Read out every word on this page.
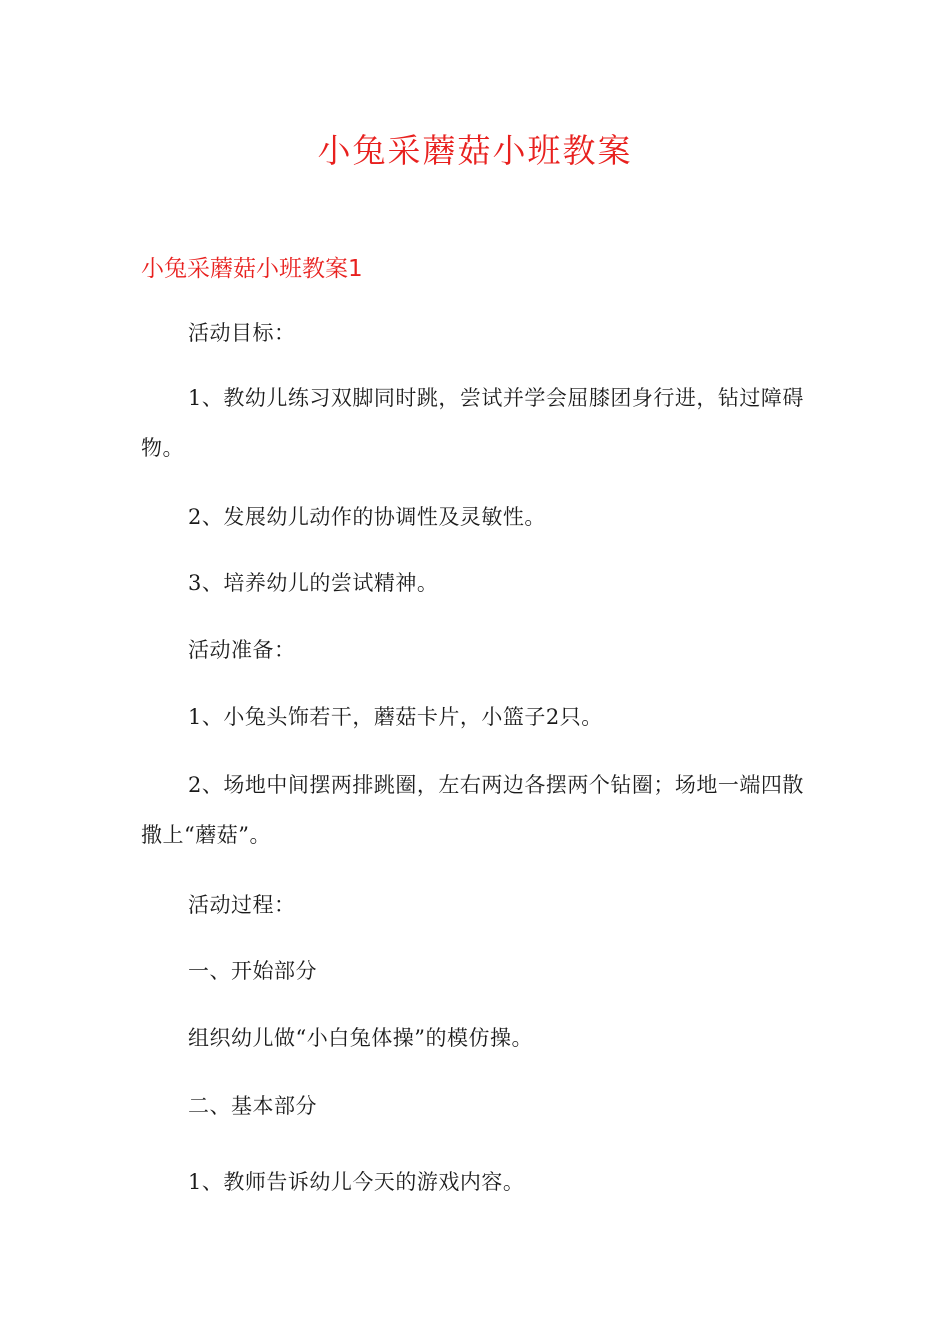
小兔采蘑菇小班教案
小兔采蘑菇小班教案1
活动目标：
1、教幼儿练习双脚同时跳，尝试并学会屈膝团身行进，钻过障碍物。
2、发展幼儿动作的协调性及灵敏性。
3、培养幼儿的尝试精神。
活动准备：
1、小兔头饰若干，蘑菇卡片，小篮子2只。
2、场地中间摆两排跳圈，左右两边各摆两个钻圈；场地一端四散撒上“蘑菇”。
活动过程：
一、开始部分
组织幼儿做“小白兔体操”的模仿操。
二、基本部分
1、教师告诉幼儿今天的游戏内容。
